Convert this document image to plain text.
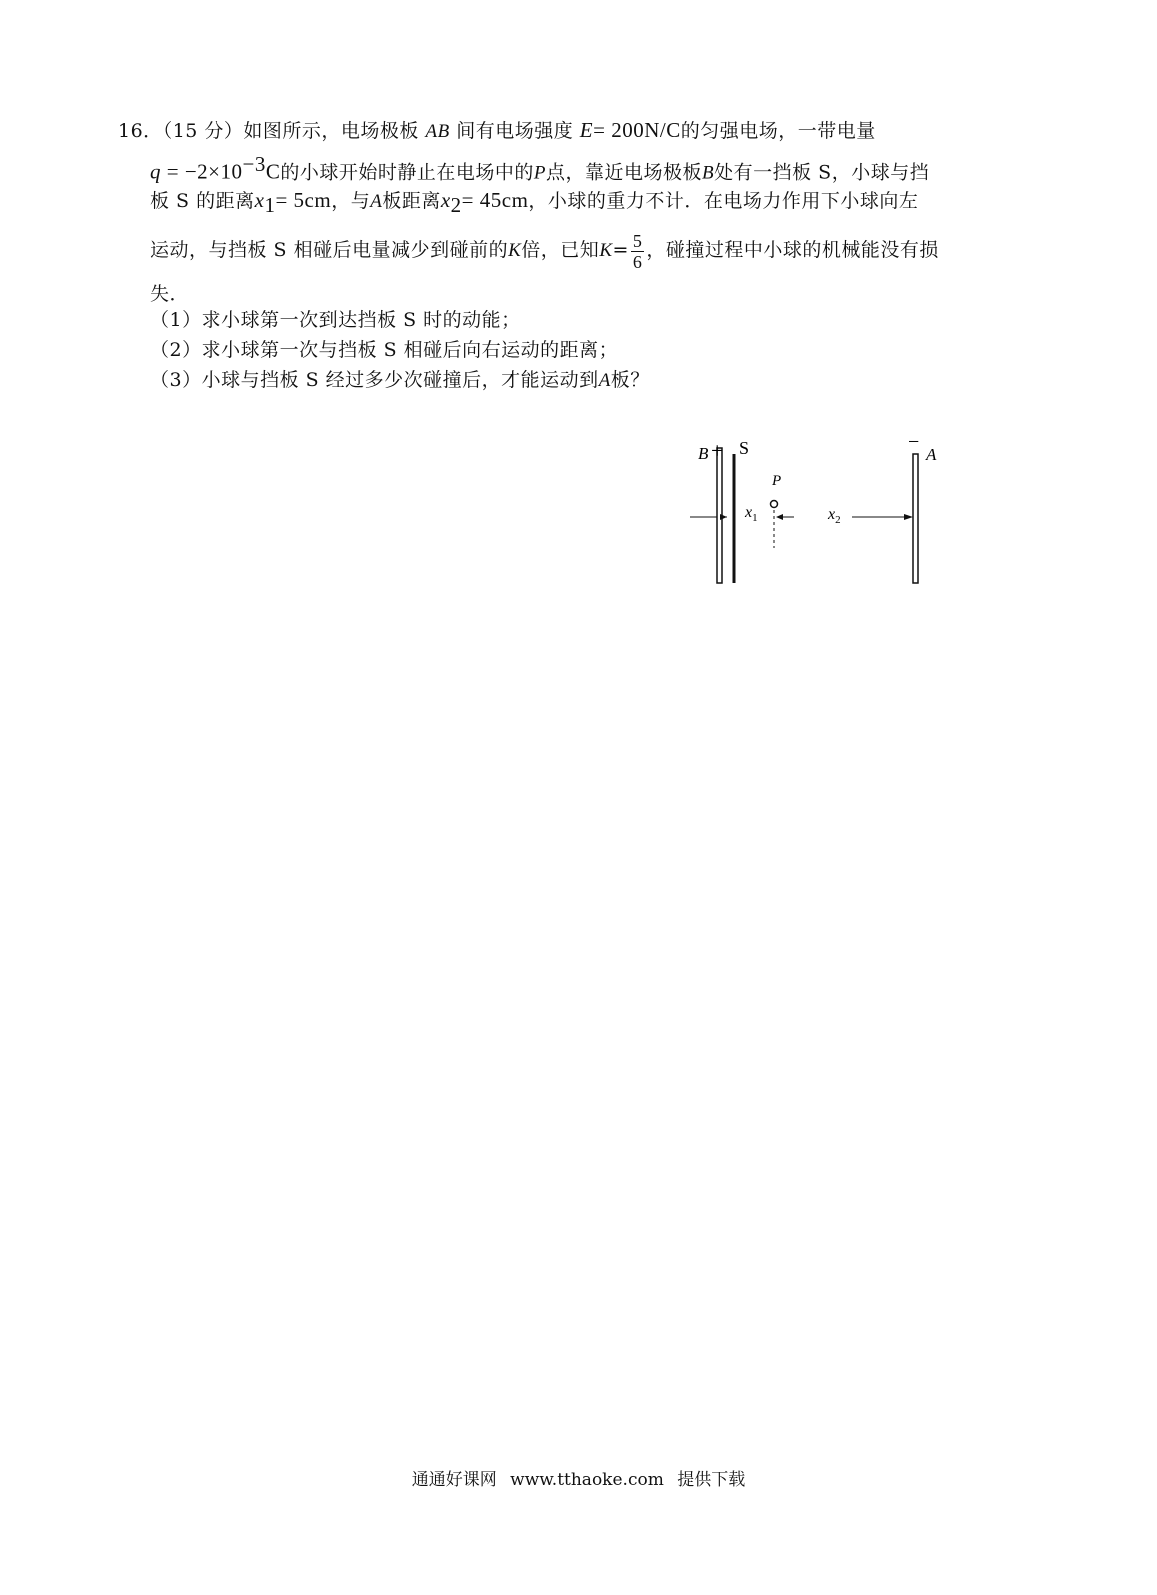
16．（15 分）如图所示，电场极板 AB 间有电场强度 E= 200N/C的匀强电场，一带电量
$q = -2\times 10^{-3}C$的小球开始时静止在电场中的P点，靠近电场极板B处有一挡板 S，小球与挡
板 S 的距离$x_1= 5cm$，与A板距离$x_2= 45cm$，小球的重力不计．在电场力作用下小球向左
运动，与挡板 S 相碰后电量减少到碰前的K倍，已知$K= \frac{5}{6}$ ，碰撞过程中小球的机械能没有损
失．
（1）求小球第一次到达挡板 S 时的动能；
（2）求小球第一次与挡板 S 相碰后向右运动的距离；
（3）小球与挡板 S 经过多少次碰撞后，才能运动到A板？
B + S	−
A
P
$x_1$	$x_2$
通通好课网 www.tthaoke.com 提供下载
